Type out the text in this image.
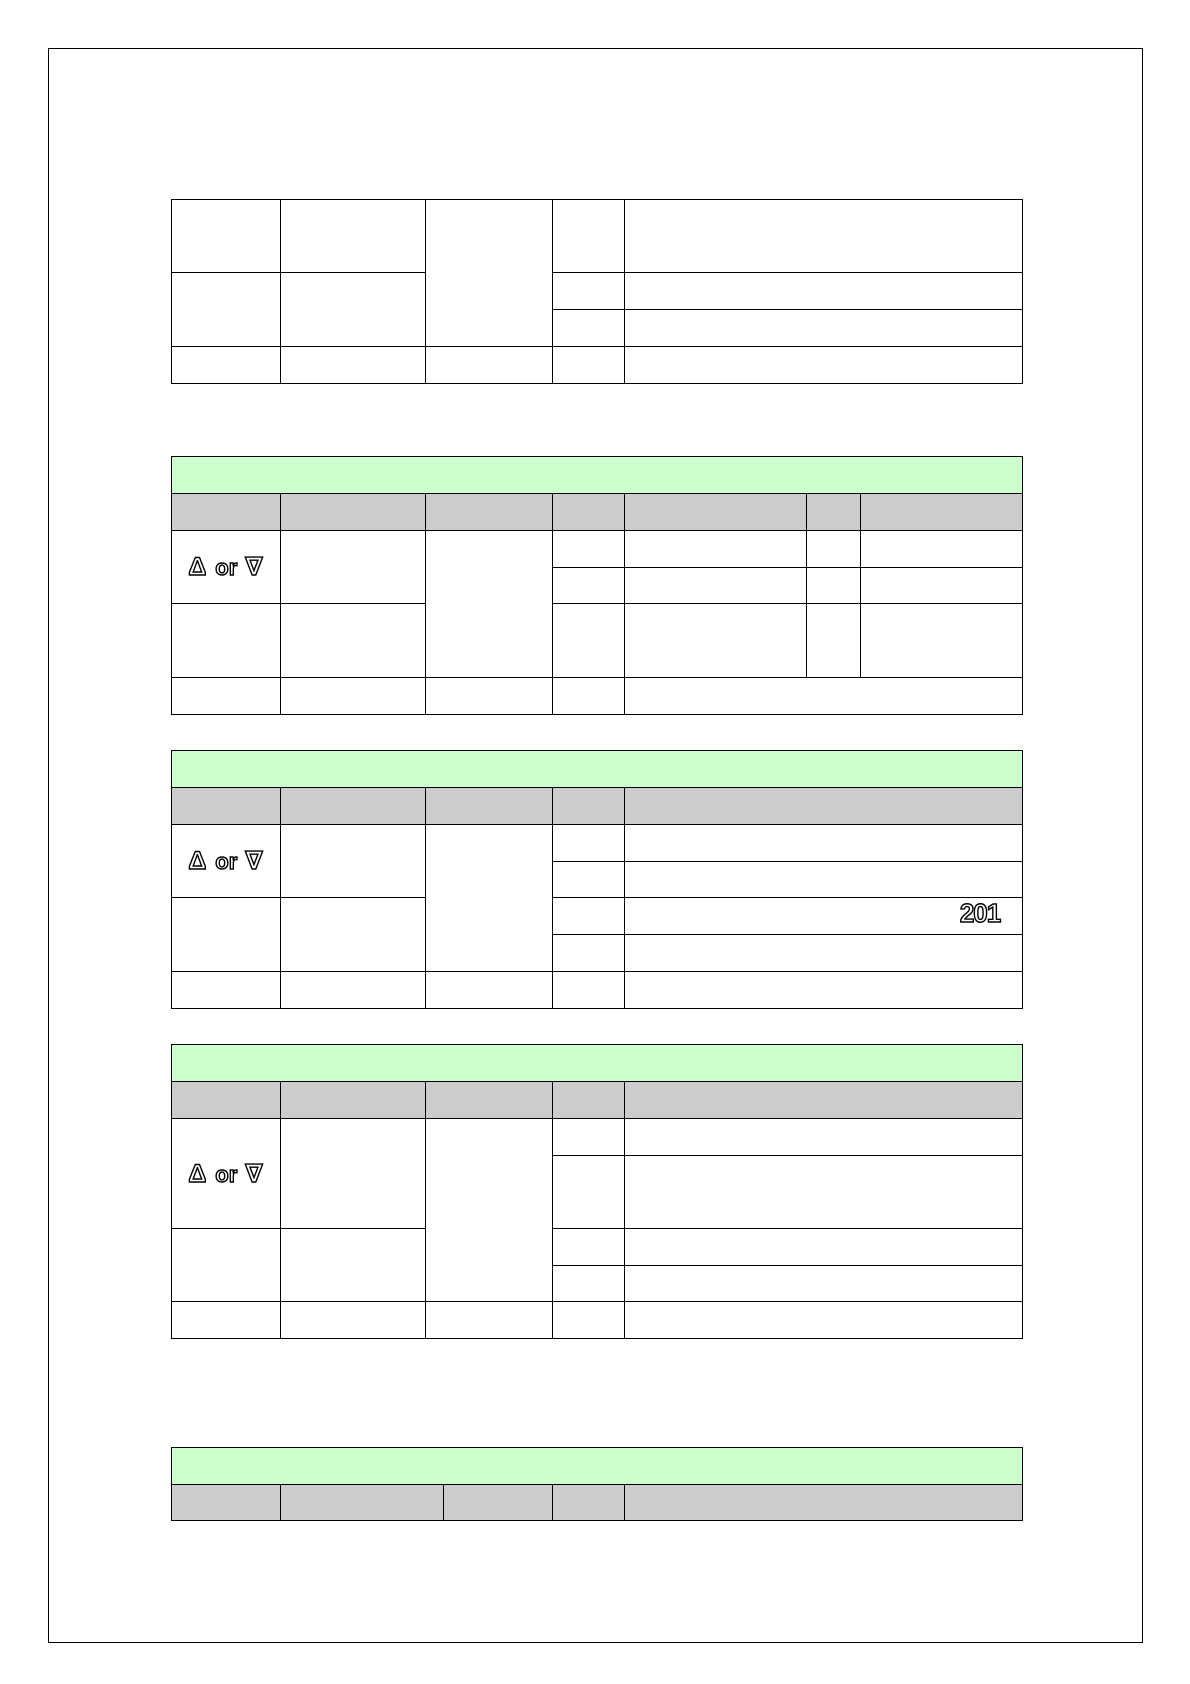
Δ or ∇
Δ or ∇
201
Δ or ∇
